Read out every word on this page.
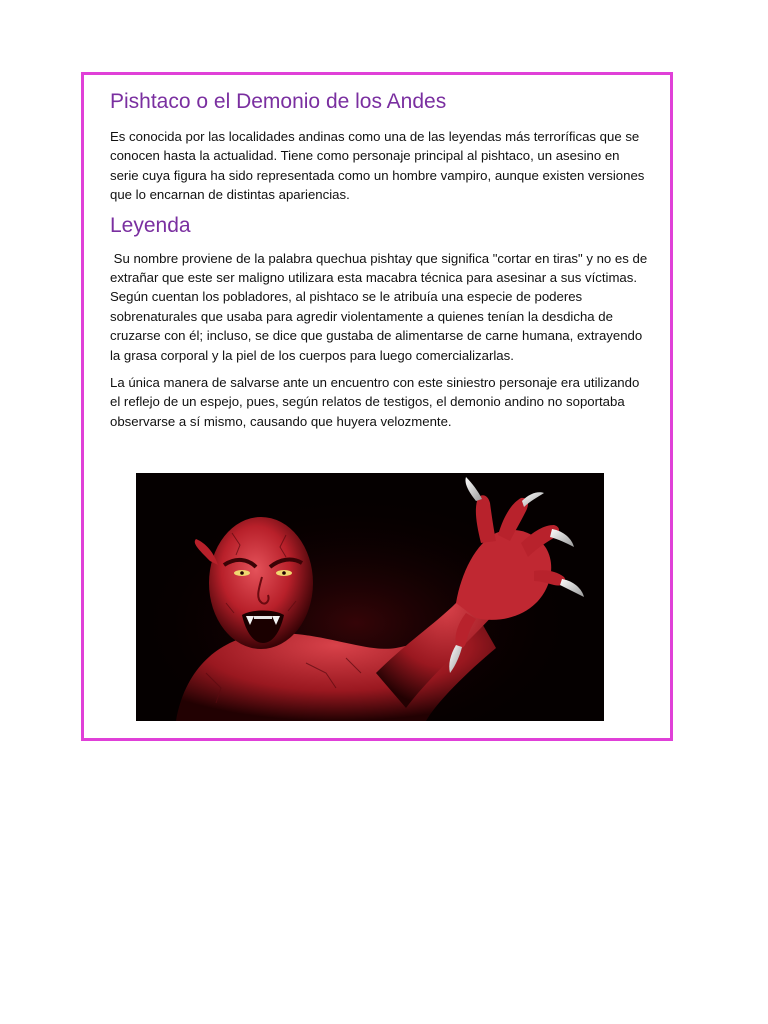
Pishtaco o el Demonio de los Andes

Es conocida por las localidades andinas como una de las leyendas más terroríficas que se conocen hasta la actualidad. Tiene como personaje principal al pishtaco, un asesino en serie cuya figura ha sido representada como un hombre vampiro, aunque existen versiones que lo encarnan de distintas apariencias.

Leyenda

Su nombre proviene de la palabra quechua pishtay que significa "cortar en tiras" y no es de extrañar que este ser maligno utilizara esta macabra técnica para asesinar a sus víctimas. Según cuentan los pobladores, al pishtaco se le atribuía una especie de poderes sobrenaturales que usaba para agredir violentamente a quienes tenían la desdicha de cruzarse con él; incluso, se dice que gustaba de alimentarse de carne humana, extrayendo la grasa corporal y la piel de los cuerpos para luego comercializarlas.

La única manera de salvarse ante un encuentro con este siniestro personaje era utilizando el reflejo de un espejo, pues, según relatos de testigos, el demonio andino no soportaba observarse a sí mismo, causando que huyera velozmente.
